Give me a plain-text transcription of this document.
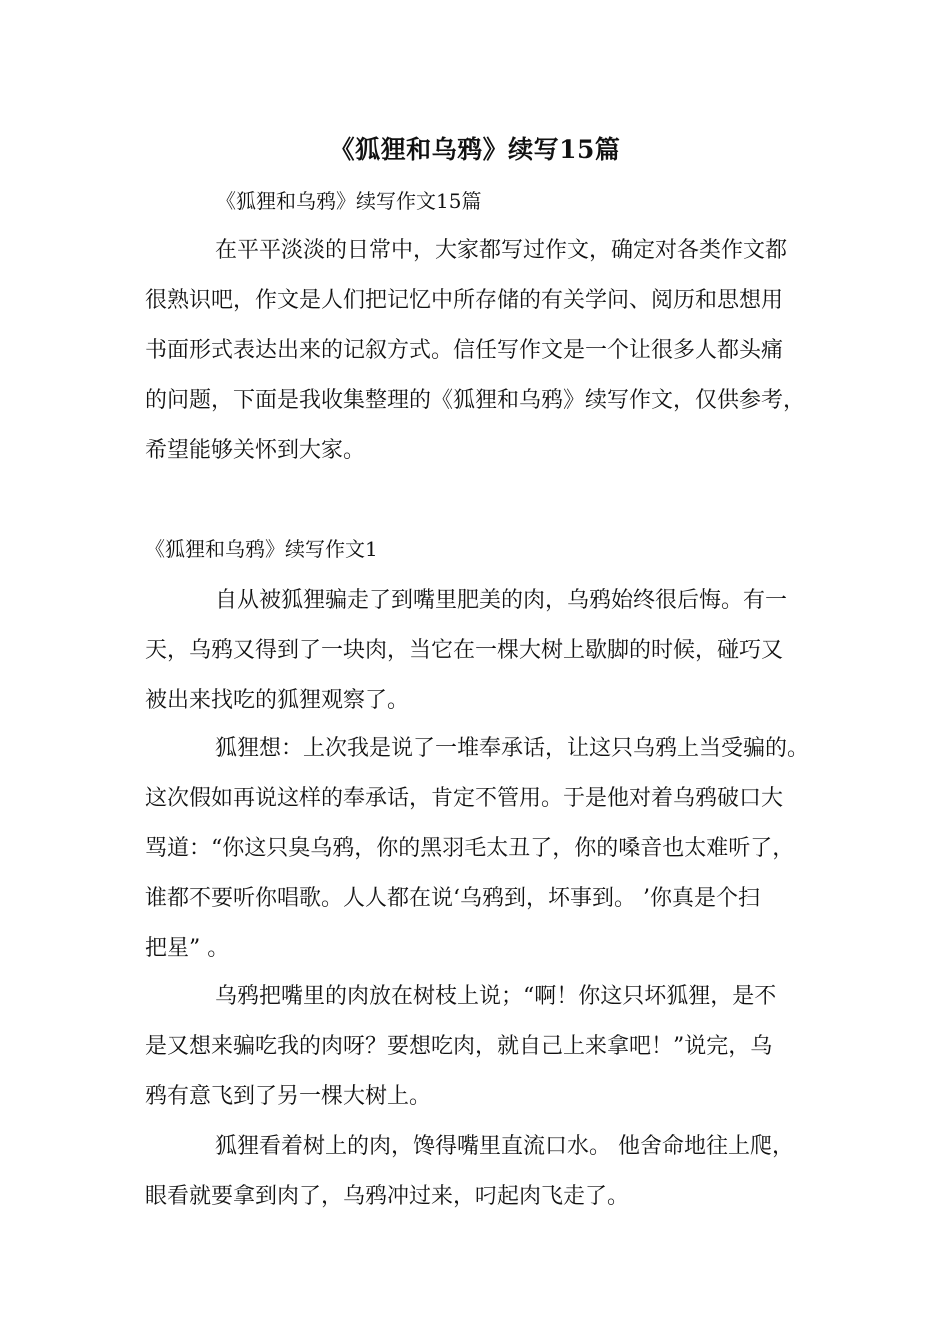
《狐狸和乌鸦》续写15篇
《狐狸和乌鸦》续写作文15篇
在平平淡淡的日常中，大家都写过作文，确定对各类作文都
很熟识吧，作文是人们把记忆中所存储的有关学问、阅历和思想用
书面形式表达出来的记叙方式。信任写作文是一个让很多人都头痛
的问题，下面是我收集整理的《狐狸和乌鸦》续写作文，仅供参考，
希望能够关怀到大家。
《狐狸和乌鸦》续写作文1
自从被狐狸骗走了到嘴里肥美的肉，乌鸦始终很后悔。有一
天，乌鸦又得到了一块肉，当它在一棵大树上歇脚的时候，碰巧又
被出来找吃的狐狸观察了。
狐狸想：上次我是说了一堆奉承话，让这只乌鸦上当受骗的。
这次假如再说这样的奉承话，肯定不管用。于是他对着乌鸦破口大
骂道：“你这只臭乌鸦，你的黑羽毛太丑了，你的嗓音也太难听了，
谁都不要听你唱歌。人人都在说‘乌鸦到，坏事到。 ’你真是个扫
把星” 。
乌鸦把嘴里的肉放在树枝上说；“啊！你这只坏狐狸，是不
是又想来骗吃我的肉呀？要想吃肉，就自己上来拿吧！”说完，乌
鸦有意飞到了另一棵大树上。
狐狸看着树上的肉，馋得嘴里直流口水。 他舍命地往上爬，
眼看就要拿到肉了，乌鸦冲过来，叼起肉飞走了。
